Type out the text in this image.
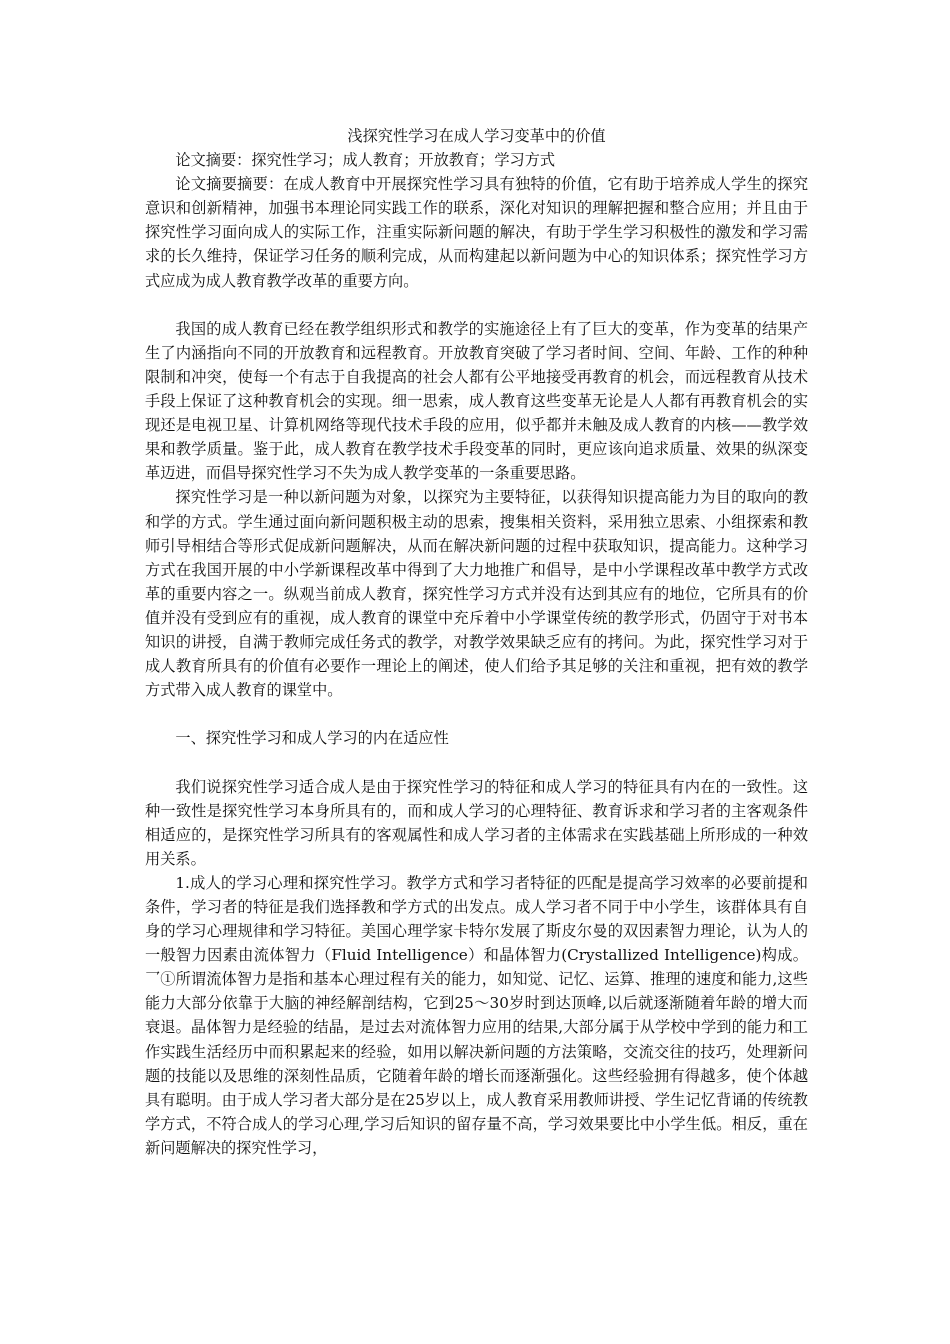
浅探究性学习在成人学习变革中的价值

论文摘要：探究性学习；成人教育；开放教育；学习方式

论文摘要摘要：在成人教育中开展探究性学习具有独特的价值，它有助于培养成人学生的探究意识和创新精神，加强书本理论同实践工作的联系，深化对知识的理解把握和整合应用；并且由于探究性学习面向成人的实际工作，注重实际新问题的解决，有助于学生学习积极性的激发和学习需求的长久维持，保证学习任务的顺利完成，从而构建起以新问题为中心的知识体系；探究性学习方式应成为成人教育教学改革的重要方向。

我国的成人教育已经在教学组织形式和教学的实施途径上有了巨大的变革，作为变革的结果产生了内涵指向不同的开放教育和远程教育。开放教育突破了学习者时间、空间、年龄、工作的种种限制和冲突，使每一个有志于自我提高的社会人都有公平地接受再教育的机会，而远程教育从技术手段上保证了这种教育机会的实现。细一思索，成人教育这些变革无论是人人都有再教育机会的实现还是电视卫星、计算机网络等现代技术手段的应用，似乎都并未触及成人教育的内核——教学效果和教学质量。鉴于此，成人教育在教学技术手段变革的同时，更应该向追求质量、效果的纵深变革迈进，而倡导探究性学习不失为成人教学变革的一条重要思路。

探究性学习是一种以新问题为对象，以探究为主要特征，以获得知识提高能力为目的取向的教和学的方式。学生通过面向新问题积极主动的思索，搜集相关资料，采用独立思索、小组探索和教师引导相结合等形式促成新问题解决，从而在解决新问题的过程中获取知识，提高能力。这种学习方式在我国开展的中小学新课程改革中得到了大力地推广和倡导，是中小学课程改革中教学方式改革的重要内容之一。纵观当前成人教育，探究性学习方式并没有达到其应有的地位，它所具有的价值并没有受到应有的重视，成人教育的课堂中充斥着中小学课堂传统的教学形式，仍固守于对书本知识的讲授，自满于教师完成任务式的教学，对教学效果缺乏应有的拷问。为此，探究性学习对于成人教育所具有的价值有必要作一理论上的阐述，使人们给予其足够的关注和重视，把有效的教学方式带入成人教育的课堂中。

一、探究性学习和成人学习的内在适应性

我们说探究性学习适合成人是由于探究性学习的特征和成人学习的特征具有内在的一致性。这种一致性是探究性学习本身所具有的，而和成人学习的心理特征、教育诉求和学习者的主客观条件相适应的，是探究性学习所具有的客观属性和成人学习者的主体需求在实践基础上所形成的一种效用关系。

1.成人的学习心理和探究性学习。教学方式和学习者特征的匹配是提高学习效率的必要前提和条件，学习者的特征是我们选择教和学方式的出发点。成人学习者不同于中小学生，该群体具有自身的学习心理规律和学习特征。美国心理学家卡特尔发展了斯皮尔曼的双因素智力理论，认为人的一般智力因素由流体智力（Fluid Intelligence）和晶体智力(Crystallized Intelligence)构成。乛①所谓流体智力是指和基本心理过程有关的能力，如知觉、记忆、运算、推理的速度和能力,这些能力大部分依靠于大脑的神经解剖结构，它到25～30岁时到达顶峰,以后就逐渐随着年龄的增大而衰退。晶体智力是经验的结晶，是过去对流体智力应用的结果,大部分属于从学校中学到的能力和工作实践生活经历中而积累起来的经验，如用以解决新问题的方法策略，交流交往的技巧，处理新问题的技能以及思维的深刻性品质，它随着年龄的增长而逐渐强化。这些经验拥有得越多，使个体越具有聪明。由于成人学习者大部分是在25岁以上，成人教育采用教师讲授、学生记忆背诵的传统教学方式，不符合成人的学习心理,学习后知识的留存量不高，学习效果要比中小学生低。相反，重在新问题解决的探究性学习，
